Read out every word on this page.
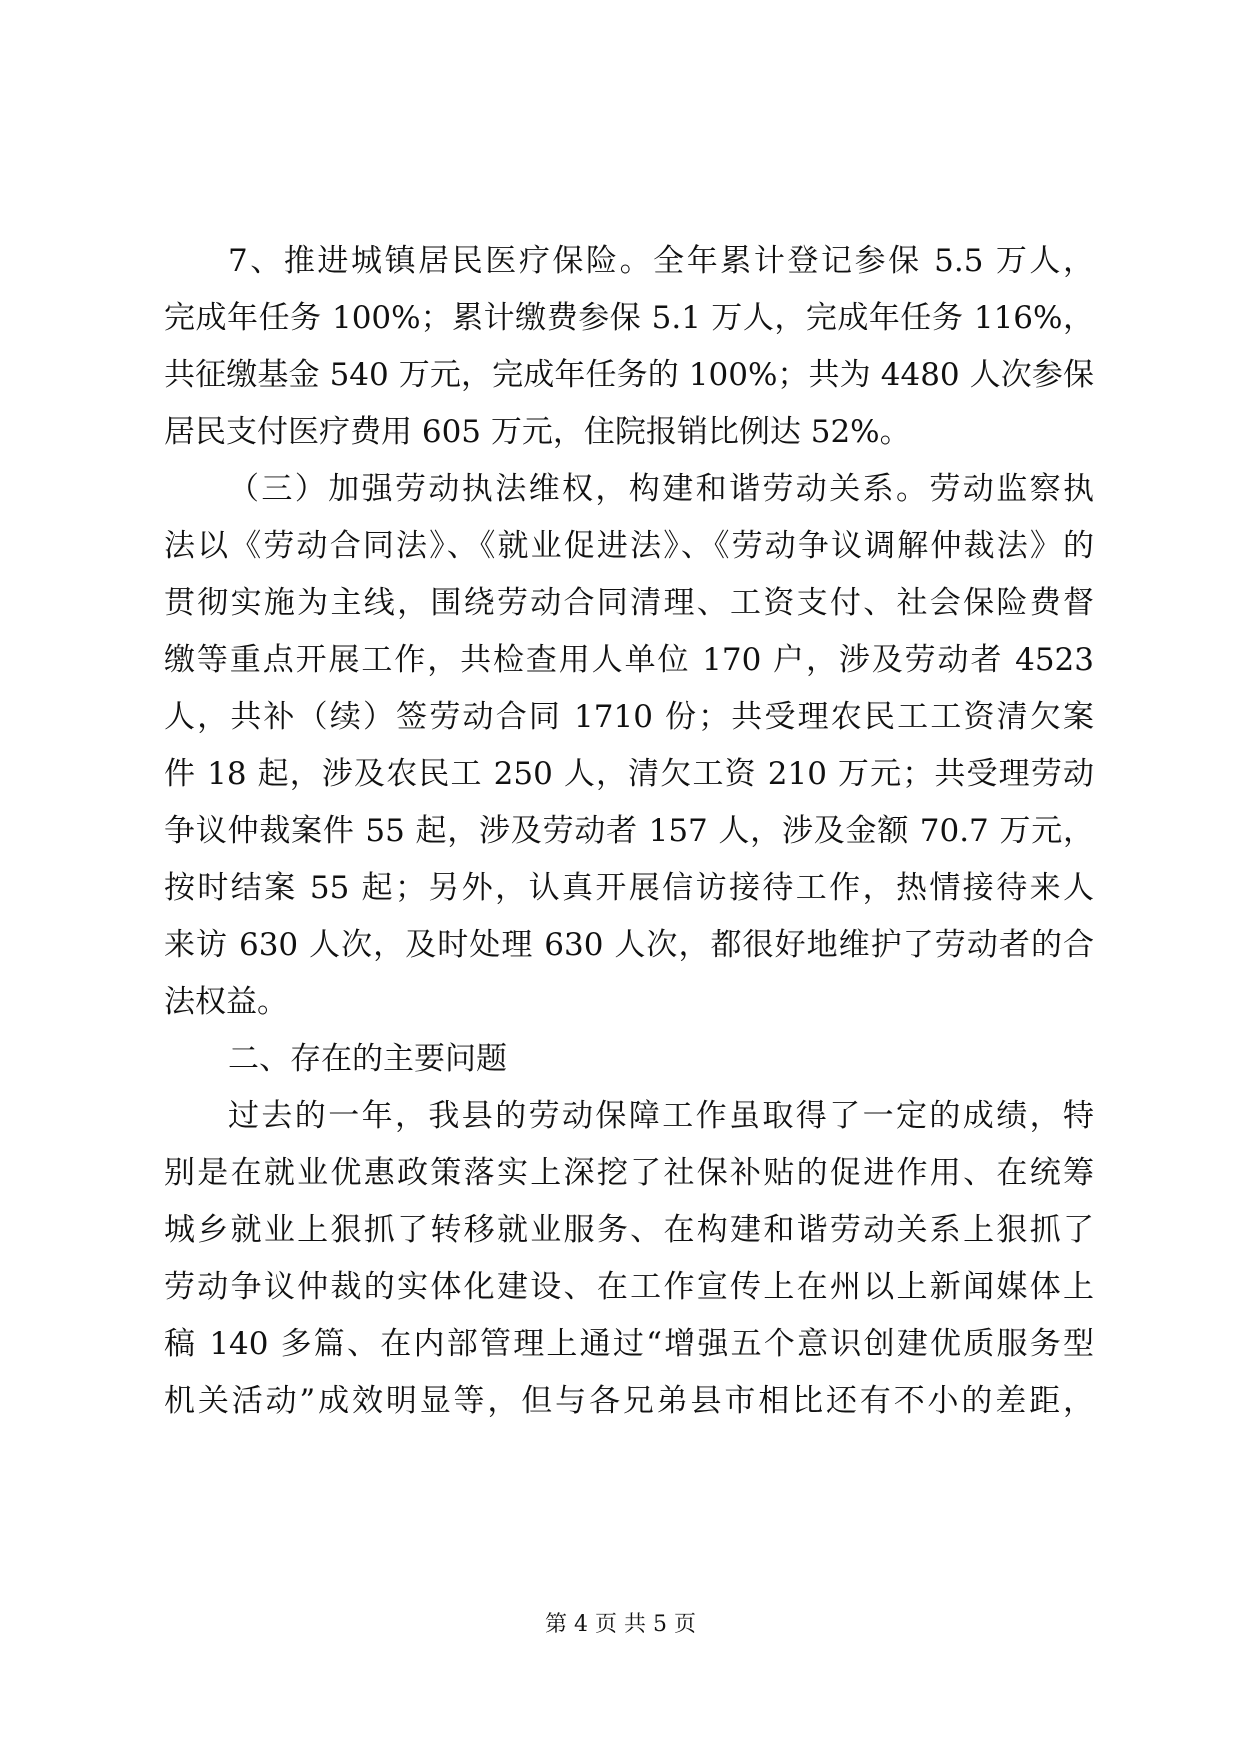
7、推进城镇居民医疗保险。全年累计登记参保 5.5 万人，
完成年任务 100%；累计缴费参保 5.1 万人，完成年任务 116%，
共征缴基金 540 万元，完成年任务的 100%；共为 4480 人次参保
居民支付医疗费用 605 万元，住院报销比例达 52%。
（三）加强劳动执法维权，构建和谐劳动关系。劳动监察执
法以《劳动合同法》、《就业促进法》、《劳动争议调解仲裁法》的
贯彻实施为主线，围绕劳动合同清理、工资支付、社会保险费督
缴等重点开展工作，共检查用人单位 170 户，涉及劳动者 4523
人，共补（续）签劳动合同 1710 份；共受理农民工工资清欠案
件 18 起，涉及农民工 250 人，清欠工资 210 万元；共受理劳动
争议仲裁案件 55 起，涉及劳动者 157 人，涉及金额 70.7 万元，
按时结案 55 起；另外，认真开展信访接待工作，热情接待来人
来访 630 人次，及时处理 630 人次，都很好地维护了劳动者的合
法权益。
二、存在的主要问题
过去的一年，我县的劳动保障工作虽取得了一定的成绩，特
别是在就业优惠政策落实上深挖了社保补贴的促进作用、在统筹
城乡就业上狠抓了转移就业服务、在构建和谐劳动关系上狠抓了
劳动争议仲裁的实体化建设、在工作宣传上在州以上新闻媒体上
稿 140 多篇、在内部管理上通过“增强五个意识创建优质服务型
机关活动”成效明显等，但与各兄弟县市相比还有不小的差距，
第 4 页 共 5 页
